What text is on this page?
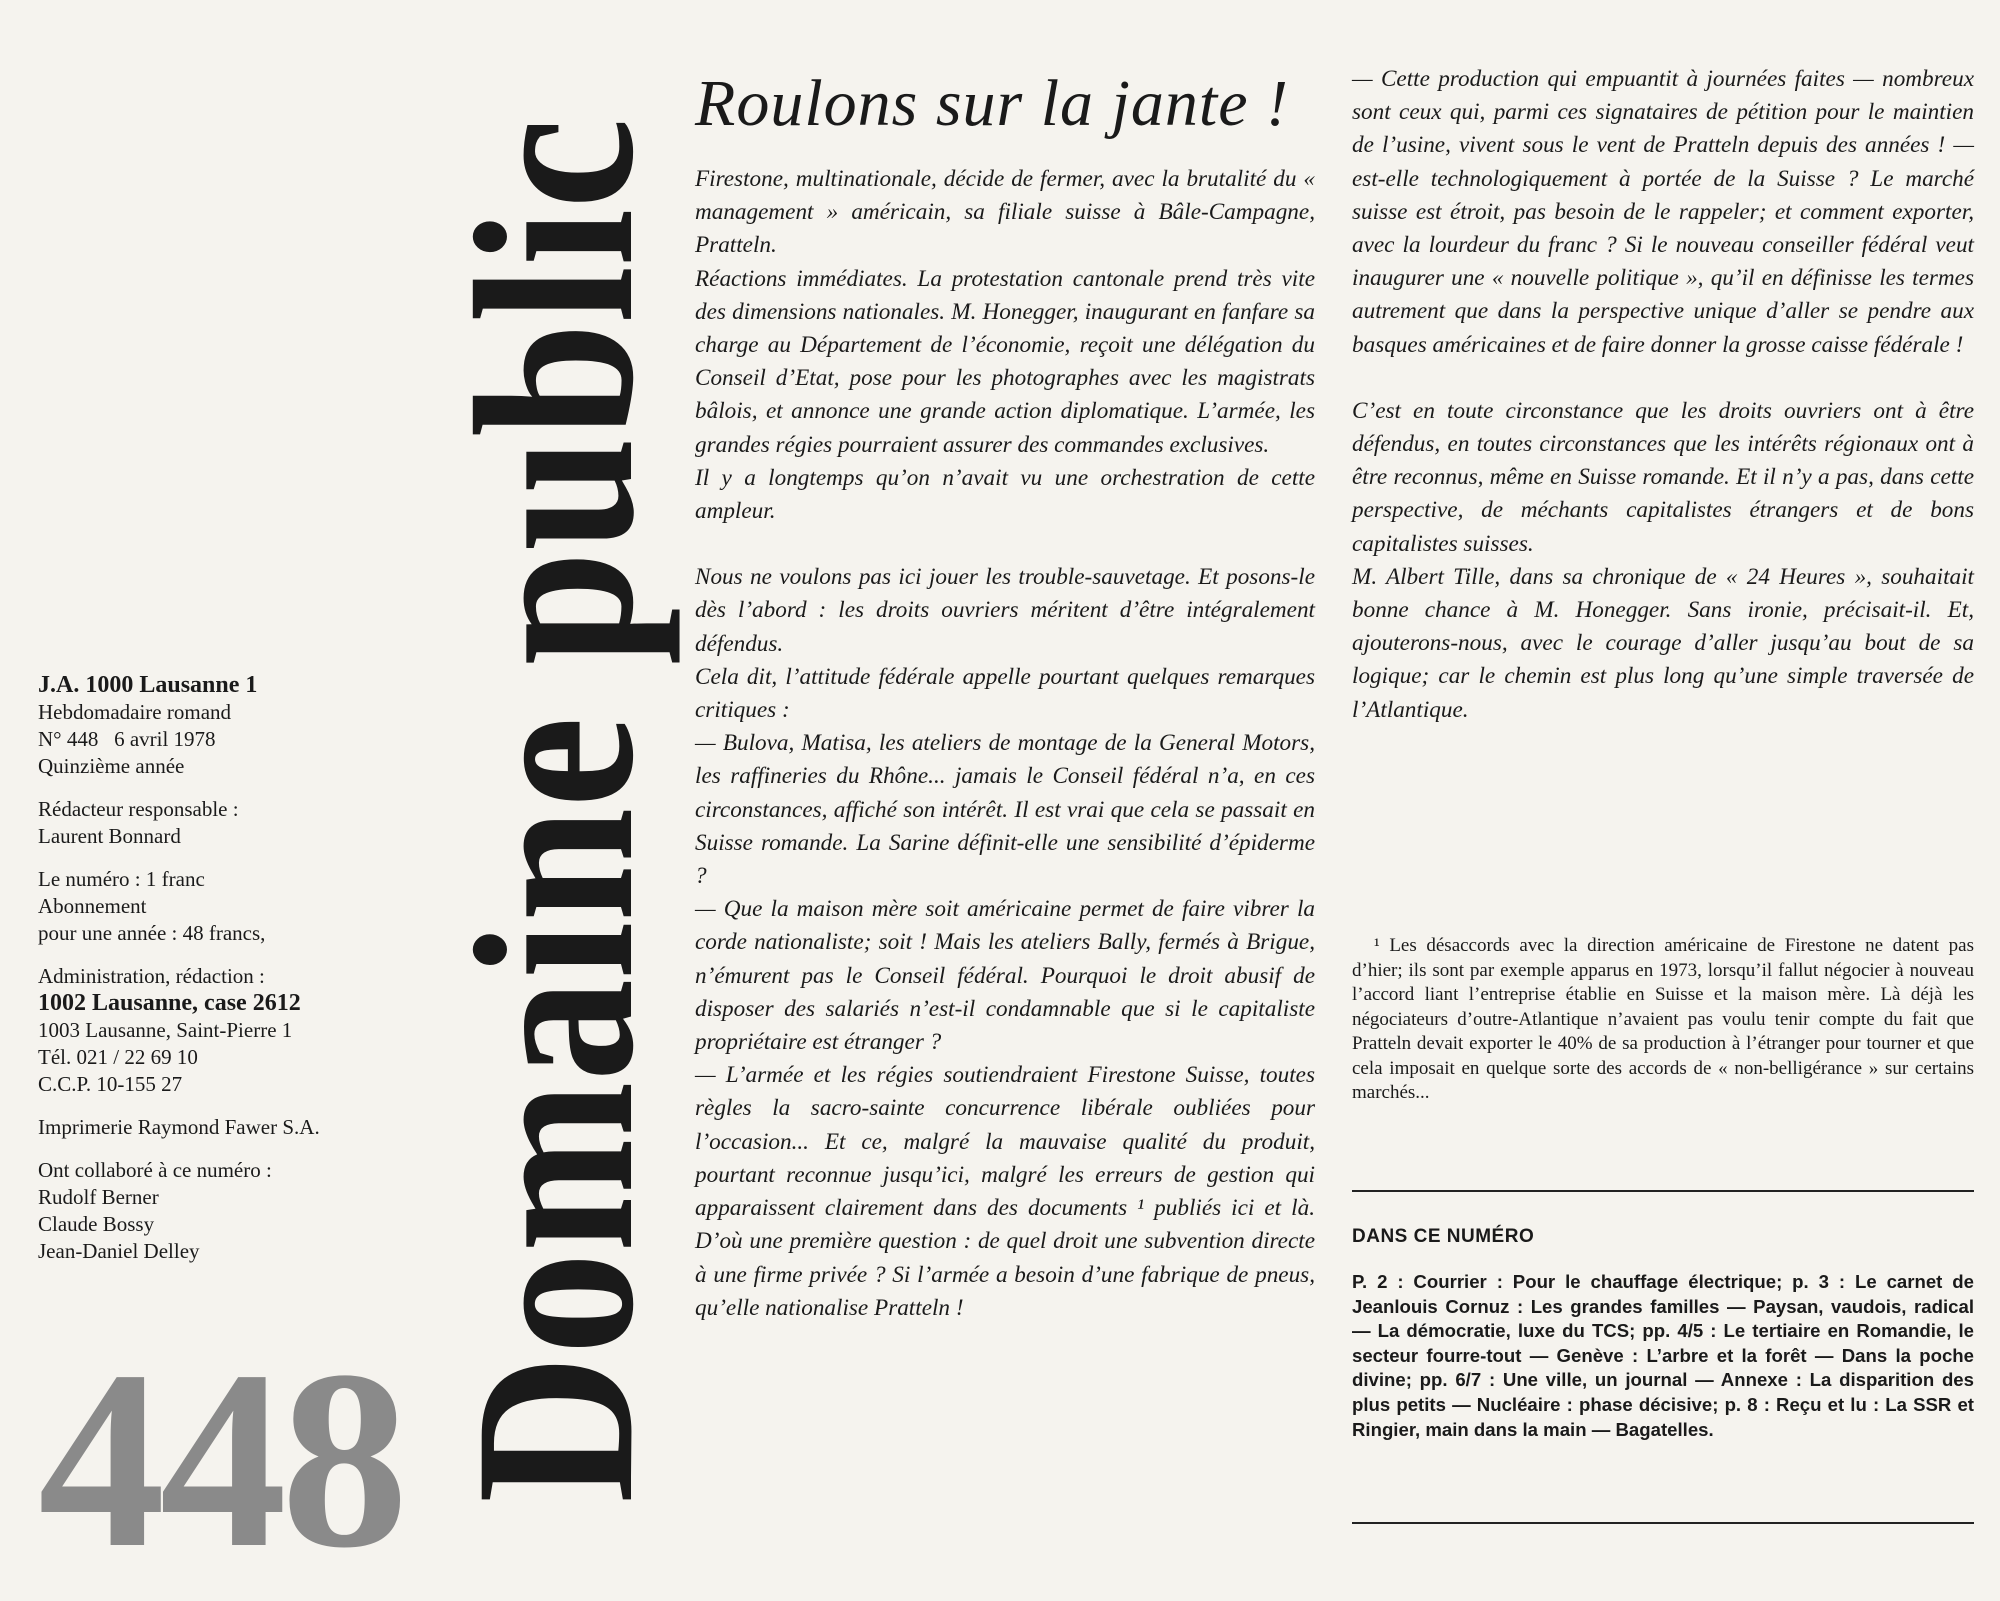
J.A. 1000 Lausanne 1

Hebdomadaire romand

N° 448   6 avril 1978

Quinzième année

Rédacteur responsable :

Laurent Bonnard

Le numéro : 1 franc

Abonnement

pour une année : 48 francs,

Administration, rédaction :

1002 Lausanne, case 2612

1003 Lausanne, Saint-Pierre 1

Tél. 021 / 22 69 10

C.C.P. 10-155 27

Imprimerie Raymond Fawer S.A.

Ont collaboré à ce numéro :

Rudolf Berner

Claude Bossy

Jean-Daniel Delley

448 Domaine public
Roulons sur la jante !

Firestone, multinationale, décide de fermer, avec la brutalité du « management » américain, sa filiale suisse à Bâle-Campagne, Pratteln.

Réactions immédiates. La protestation cantonale prend très vite des dimensions nationales. M. Honegger, inaugurant en fanfare sa charge au Département de l’économie, reçoit une délégation du Conseil d’Etat, pose pour les photographes avec les magistrats bâlois, et annonce une grande action diplomatique. L’armée, les grandes régies pourraient assurer des commandes exclusives.

Il y a longtemps qu’on n’avait vu une orchestration de cette ampleur.

Nous ne voulons pas ici jouer les trouble-sauvetage. Et posons-le dès l’abord : les droits ouvriers méritent d’être intégralement défendus.

Cela dit, l’attitude fédérale appelle pourtant quelques remarques critiques :

— Bulova, Matisa, les ateliers de montage de la General Motors, les raffineries du Rhône... jamais le Conseil fédéral n’a, en ces circonstances, affiché son intérêt. Il est vrai que cela se passait en Suisse romande. La Sarine définit-elle une sensibilité d’épiderme ?

— Que la maison mère soit américaine permet de faire vibrer la corde nationaliste; soit ! Mais les ateliers Bally, fermés à Brigue, n’émurent pas le Conseil fédéral. Pourquoi le droit abusif de disposer des salariés n’est-il condamnable que si le capitaliste propriétaire est étranger ?

— L’armée et les régies soutiendraient Firestone Suisse, toutes règles la sacro-sainte concurrence libérale oubliées pour l’occasion... Et ce, malgré la mauvaise qualité du produit, pourtant reconnue jusqu’ici, malgré les erreurs de gestion qui apparaissent clairement dans des documents ¹ publiés ici et là. D’où une première question : de quel droit une subvention directe à une firme privée ? Si l’armée a besoin d’une fabrique de pneus, qu’elle nationalise Pratteln !

— Cette production qui empuantit à journées faites — nombreux sont ceux qui, parmi ces signataires de pétition pour le maintien de l’usine, vivent sous le vent de Pratteln depuis des années ! — est-elle technologiquement à portée de la Suisse ? Le marché suisse est étroit, pas besoin de le rappeler; et comment exporter, avec la lourdeur du franc ? Si le nouveau conseiller fédéral veut inaugurer une « nouvelle politique », qu’il en définisse les termes autrement que dans la perspective unique d’aller se pendre aux basques américaines et de faire donner la grosse caisse fédérale !

C’est en toute circonstance que les droits ouvriers ont à être défendus, en toutes circonstances que les intérêts régionaux ont à être reconnus, même en Suisse romande. Et il n’y a pas, dans cette perspective, de méchants capitalistes étrangers et de bons capitalistes suisses.

M. Albert Tille, dans sa chronique de « 24 Heures », souhaitait bonne chance à M. Honegger. Sans ironie, précisait-il. Et, ajouterons-nous, avec le courage d’aller jusqu’au bout de sa logique; car le chemin est plus long qu’une simple traversée de l’Atlantique.

¹ Les désaccords avec la direction américaine de Firestone ne datent pas d’hier; ils sont par exemple apparus en 1973, lorsqu’il fallut négocier à nouveau l’accord liant l’entreprise établie en Suisse et la maison mère. Là déjà les négociateurs d’outre-Atlantique n’avaient pas voulu tenir compte du fait que Pratteln devait exporter le 40% de sa production à l’étranger pour tourner et que cela imposait en quelque sorte des accords de « non-belligérance » sur certains marchés...

DANS CE NUMÉRO

P. 2 : Courrier : Pour le chauffage électrique; p. 3 : Le carnet de Jeanlouis Cornuz : Les grandes familles — Paysan, vaudois, radical — La démocratie, luxe du TCS; pp. 4/5 : Le tertiaire en Romandie, le secteur fourre-tout — Genève : L’arbre et la forêt — Dans la poche divine; pp. 6/7 : Une ville, un journal — Annexe : La disparition des plus petits — Nucléaire : phase décisive; p. 8 : Reçu et lu : La SSR et Ringier, main dans la main — Bagatelles.
